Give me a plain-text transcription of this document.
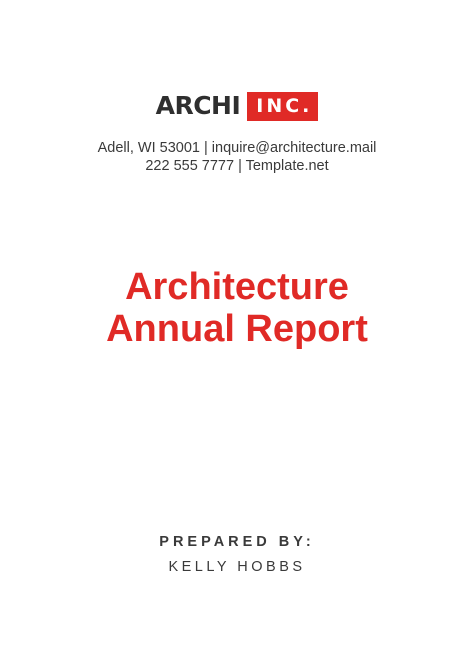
ARCHI INC.
Adell, WI 53001 | inquire@architecture.mail
222 555 7777 | Template.net
Architecture
Annual Report
PREPARED BY:
KELLY HOBBS
